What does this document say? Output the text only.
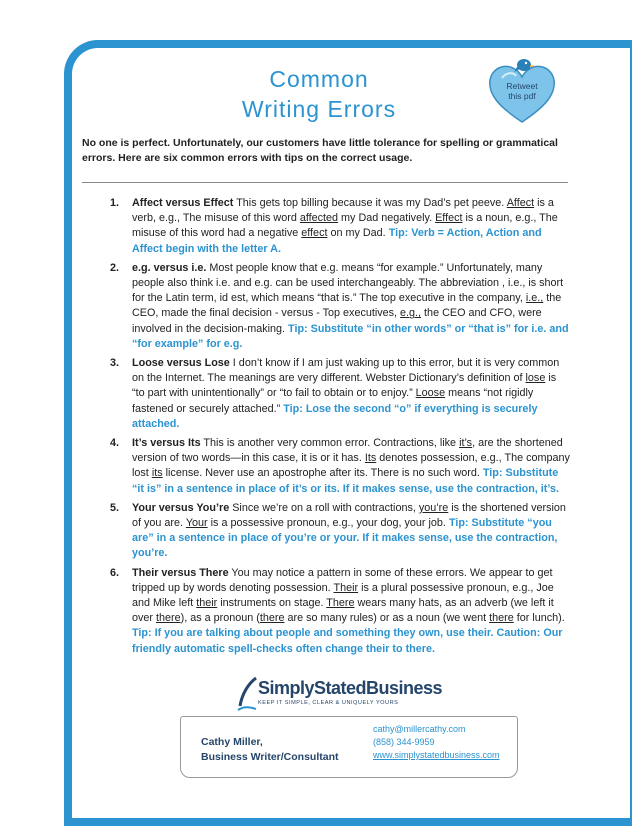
Common
Writing Errors
Retweet
this pdf
No one is perfect. Unfortunately, our customers have little tolerance for spelling or grammatical errors. Here are six common errors with tips on the correct usage.
1. Affect versus Effect This gets top billing because it was my Dad’s pet peeve. Affect is a verb, e.g., The misuse of this word affected my Dad negatively. Effect is a noun, e.g., The misuse of this word had a negative effect on my Dad. Tip: Verb = Action, Action and Affect begin with the letter A.
2. e.g. versus i.e. Most people know that e.g. means “for example.” Unfortunately, many people also think i.e. and e.g. can be used interchangeably. The abbreviation , i.e., is short for the Latin term, id est, which means “that is.” The top executive in the company, i.e., the CEO, made the final decision - versus - Top executives, e.g., the CEO and CFO, were involved in the decision-making. Tip: Substitute “in other words” or “that is” for i.e. and “for example” for e.g.
3. Loose versus Lose I don’t know if I am just waking up to this error, but it is very common on the Internet. The meanings are very different. Webster Dictionary’s definition of lose is “to part with unintentionally” or “to fail to obtain or to enjoy.” Loose means “not rigidly fastened or securely attached.” Tip: Lose the second “o” if everything is securely attached.
4. It’s versus Its This is another very common error. Contractions, like it’s, are the shortened version of two words—in this case, it is or it has. Its denotes possession, e.g., The company lost its license. Never use an apostrophe after its. There is no such word. Tip: Substitute “it is” in a sentence in place of it’s or its. If it makes sense, use the contraction, it’s.
5. Your versus You’re Since we’re on a roll with contractions, you’re is the shortened version of you are. Your is a possessive pronoun, e.g., your dog, your job. Tip: Substitute “you are” in a sentence in place of you’re or your. If it makes sense, use the contraction, you’re.
6. Their versus There You may notice a pattern in some of these errors. We appear to get tripped up by words denoting possession. Their is a plural possessive pronoun, e.g., Joe and Mike left their instruments on stage. There wears many hats, as an adverb (we left it over there), as a pronoun (there are so many rules) or as a noun (we went there for lunch). Tip: If you are talking about people and something they own, use their. Caution: Our friendly automatic spell-checks often change their to there.
SimplyStatedBusiness
KEEP IT SIMPLE, CLEAR & UNIQUELY YOURS
Cathy Miller,
Business Writer/Consultant
cathy@millercathy.com
(858) 344-9959
www.simplystatedbusiness.com
